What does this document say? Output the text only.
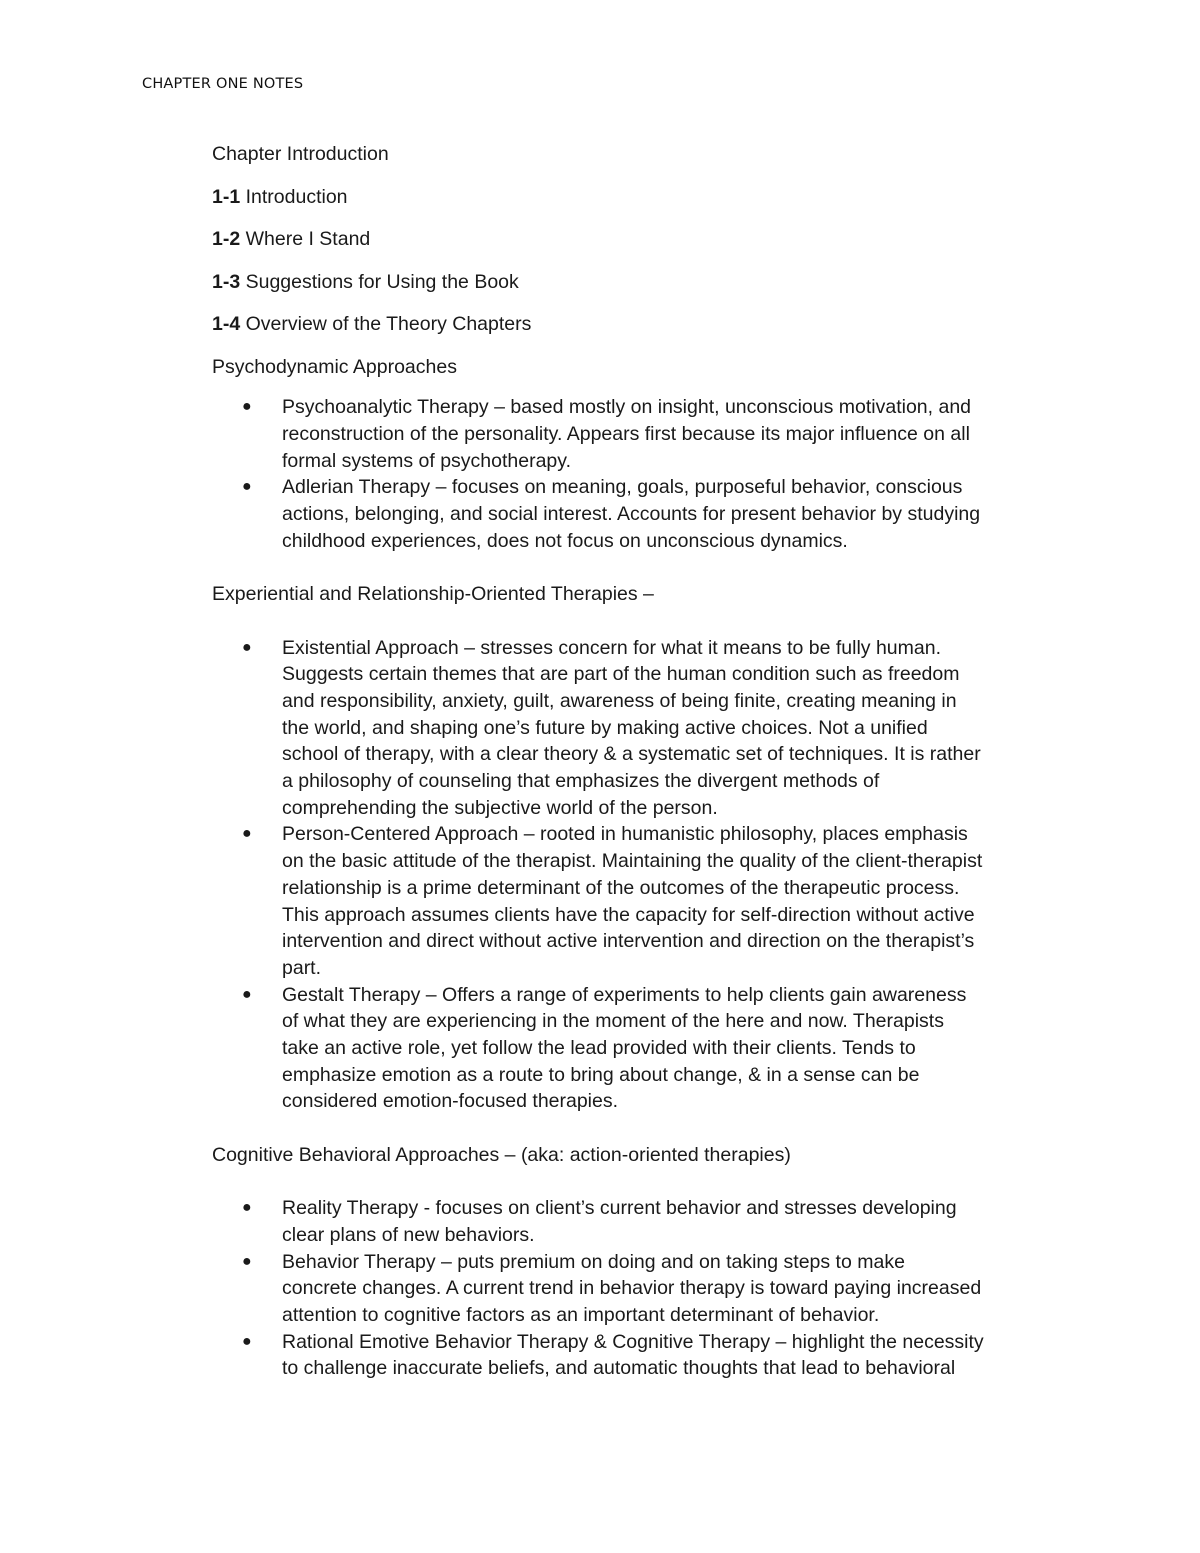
CHAPTER ONE NOTES

Chapter Introduction

1-1 Introduction

1-2 Where I Stand

1-3 Suggestions for Using the Book

1-4 Overview of the Theory Chapters

Psychodynamic Approaches

● Psychoanalytic Therapy – based mostly on insight, unconscious motivation, and
reconstruction of the personality. Appears first because its major influence on all
formal systems of psychotherapy.
● Adlerian Therapy – focuses on meaning, goals, purposeful behavior, conscious
actions, belonging, and social interest. Accounts for present behavior by studying
childhood experiences, does not focus on unconscious dynamics.

Experiential and Relationship-Oriented Therapies –

● Existential Approach – stresses concern for what it means to be fully human.
Suggests certain themes that are part of the human condition such as freedom
and responsibility, anxiety, guilt, awareness of being finite, creating meaning in
the world, and shaping one’s future by making active choices. Not a unified
school of therapy, with a clear theory & a systematic set of techniques. It is rather
a philosophy of counseling that emphasizes the divergent methods of
comprehending the subjective world of the person.
● Person-Centered Approach – rooted in humanistic philosophy, places emphasis
on the basic attitude of the therapist. Maintaining the quality of the client-therapist
relationship is a prime determinant of the outcomes of the therapeutic process.
This approach assumes clients have the capacity for self-direction without active
intervention and direct without active intervention and direction on the therapist’s
part.
● Gestalt Therapy – Offers a range of experiments to help clients gain awareness
of what they are experiencing in the moment of the here and now. Therapists
take an active role, yet follow the lead provided with their clients. Tends to
emphasize emotion as a route to bring about change, & in a sense can be
considered emotion-focused therapies.

Cognitive Behavioral Approaches – (aka: action-oriented therapies)

● Reality Therapy - focuses on client’s current behavior and stresses developing
clear plans of new behaviors.
● Behavior Therapy – puts premium on doing and on taking steps to make
concrete changes. A current trend in behavior therapy is toward paying increased
attention to cognitive factors as an important determinant of behavior.
● Rational Emotive Behavior Therapy & Cognitive Therapy – highlight the necessity
to challenge inaccurate beliefs, and automatic thoughts that lead to behavioral
